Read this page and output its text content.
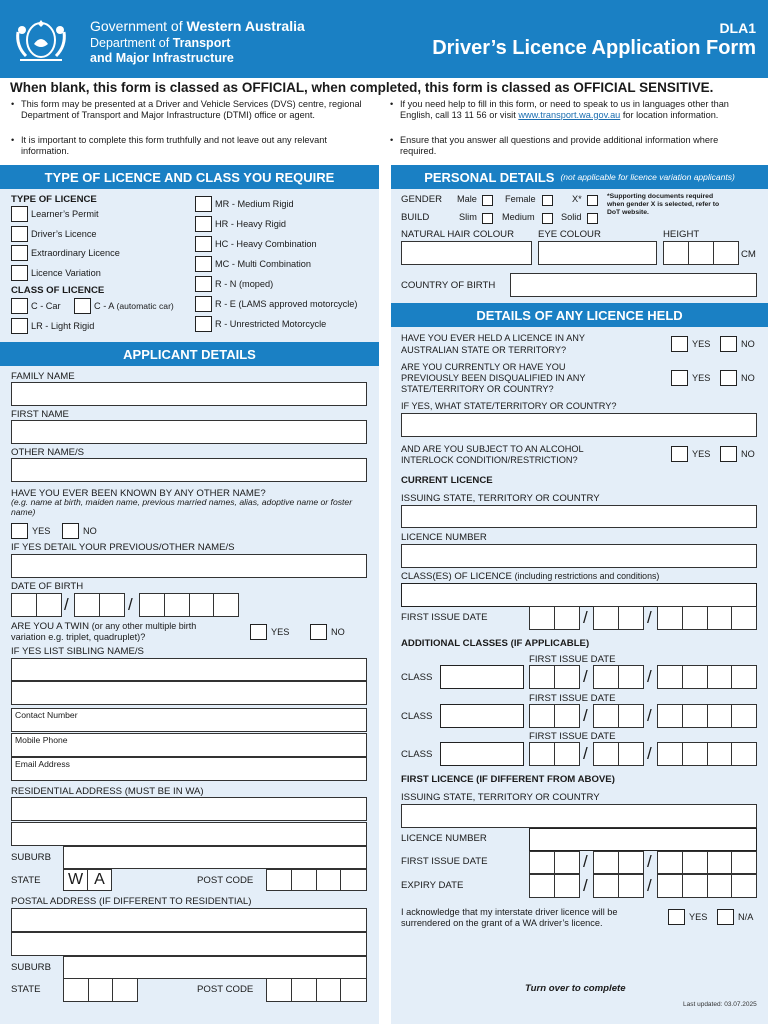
Government of Western Australia
Department of Transport
and Major Infrastructure
DLA1
Driver’s Licence Application Form
When blank, this form is classed as OFFICIAL, when completed, this form is classed as OFFICIAL SENSITIVE.
• This form may be presented at a Driver and Vehicle Services (DVS) centre, regional Department of Transport and Major Infrastructure (DTMI) office or agent.
• It is important to complete this form truthfully and not leave out any relevant information.
• If you need help to fill in this form, or need to speak to us in languages other than English, call 13 11 56 or visit www.transport.wa.gov.au for location information.
• Ensure that you answer all questions and provide additional information where required.
TYPE OF LICENCE AND CLASS YOU REQUIRE
TYPE OF LICENCE
Learner’s Permit
Driver’s Licence
Extraordinary Licence
Licence Variation
CLASS OF LICENCE
C - Car	C - A (automatic car)
LR - Light Rigid
MR - Medium Rigid
HR - Heavy Rigid
HC - Heavy Combination
MC - Multi Combination
R - N (moped)
R - E (LAMS approved motorcycle)
R - Unrestricted Motorcycle
APPLICANT DETAILS
FAMILY NAME
FIRST NAME
OTHER NAME/S
HAVE YOU EVER BEEN KNOWN BY ANY OTHER NAME?
(e.g. name at birth, maiden name, previous married names, alias, adoptive name or foster name)
YES	NO
IF YES DETAIL YOUR PREVIOUS/OTHER NAME/S
DATE OF BIRTH
/	/
ARE YOU A TWIN (or any other multiple birth
variation e.g. triplet, quadruplet)?	YES	NO
IF YES LIST SIBLING NAME/S
Contact Number
Mobile Phone
Email Address
RESIDENTIAL ADDRESS (MUST BE IN WA)
SUBURB
STATE	W A	POST CODE
POSTAL ADDRESS (IF DIFFERENT TO RESIDENTIAL)
SUBURB
STATE	POST CODE
PERSONAL DETAILS (not applicable for licence variation applicants)
GENDER Male	Female	X*	*Supporting documents required
when gender X is selected, refer to
DoT website.
BUILD	Slim	Medium	Solid
NATURAL HAIR COLOUR EYE COLOUR	HEIGHT
CM
COUNTRY OF BIRTH
DETAILS OF ANY LICENCE HELD
HAVE YOU EVER HELD A LICENCE IN ANY
AUSTRALIAN STATE OR TERRITORY?
YES	NO
ARE YOU CURRENTLY OR HAVE YOU
PREVIOUSLY BEEN DISQUALIFIED IN ANY
STATE/TERRITORY OR COUNTRY?
YES	NO
IF YES, WHAT STATE/TERRITORY OR COUNTRY?
AND ARE YOU SUBJECT TO AN ALCOHOL
INTERLOCK CONDITION/RESTRICTION?
YES	NO
CURRENT LICENCE
ISSUING STATE, TERRITORY OR COUNTRY
LICENCE NUMBER
CLASS(ES) OF LICENCE (including restrictions and conditions)
FIRST ISSUE DATE	/	/
ADDITIONAL CLASSES (IF APPLICABLE)
FIRST ISSUE DATE
CLASS	/	/
FIRST ISSUE DATE
CLASS	/	/
FIRST ISSUE DATE
CLASS	/	/
FIRST LICENCE (IF DIFFERENT FROM ABOVE)
ISSUING STATE, TERRITORY OR COUNTRY
LICENCE NUMBER
FIRST ISSUE DATE	/	/
EXPIRY DATE	/	/
I acknowledge that my interstate driver licence will be
surrendered on the grant of a WA driver’s licence.
YES	N/A
Turn over to complete
Last updated: 03.07.2025
